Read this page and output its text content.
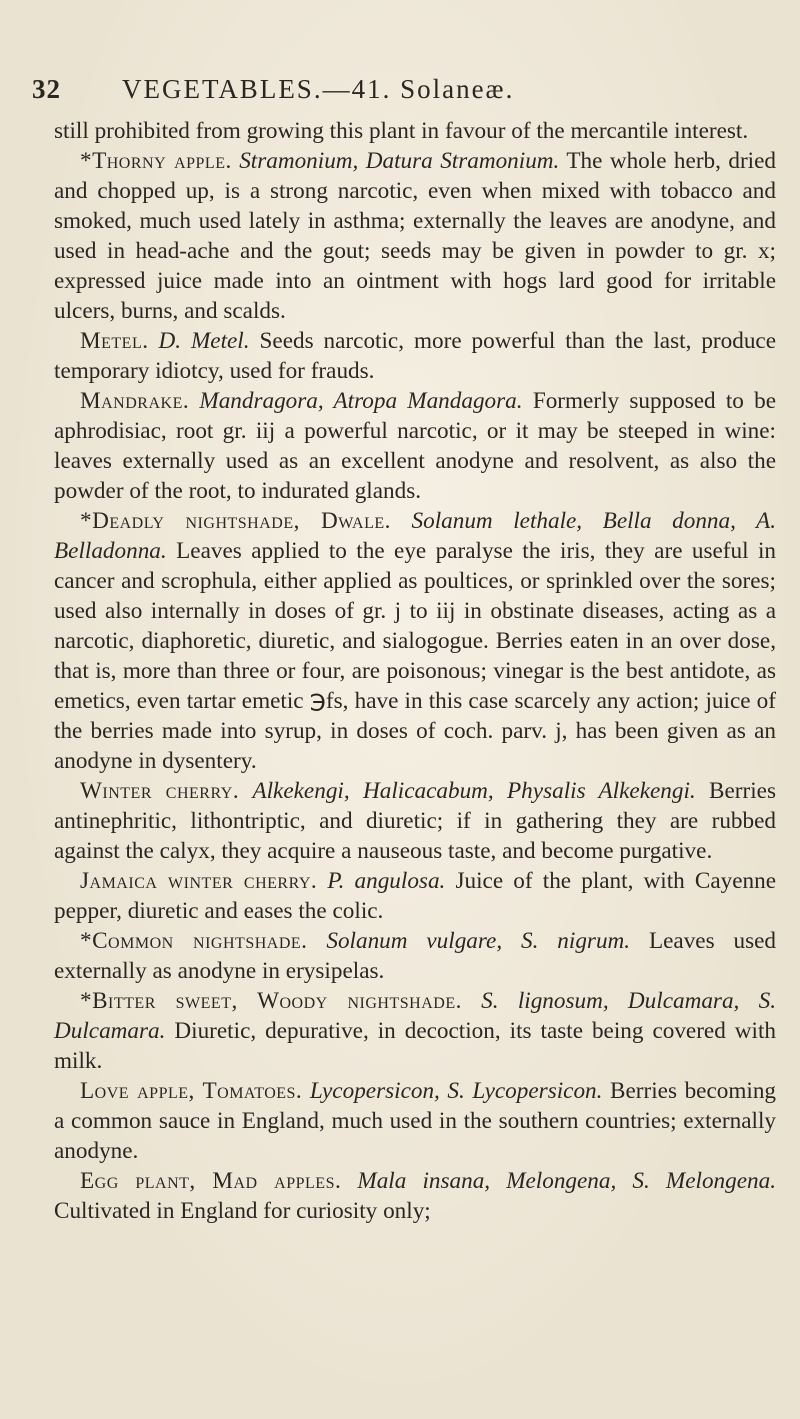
32 VEGETABLES.—41. Solaneæ.

still prohibited from growing this plant in favour of the mercantile interest.

*Thorny apple. Stramonium, Datura Stramonium. The whole herb, dried and chopped up, is a strong narcotic, even when mixed with tobacco and smoked, much used lately in asthma; externally the leaves are anodyne, and used in head-ache and the gout; seeds may be given in powder to gr. x; expressed juice made into an ointment with hogs lard good for irritable ulcers, burns, and scalds.

Metel. D. Metel. Seeds narcotic, more powerful than the last, produce temporary idiotcy, used for frauds.

Mandrake. Mandragora, Atropa Mandagora. Formerly supposed to be aphrodisiac, root gr. iij a powerful narcotic, or it may be steeped in wine: leaves externally used as an excellent anodyne and resolvent, as also the powder of the root, to indurated glands.

*Deadly nightshade, Dwale. Solanum lethale, Bella donna, A. Belladonna. Leaves applied to the eye paralyse the iris, they are useful in cancer and scrophula, either applied as poultices, or sprinkled over the sores; used also internally in doses of gr. j to iij in obstinate diseases, acting as a narcotic, diaphoretic, diuretic, and sialogogue. Berries eaten in an over dose, that is, more than three or four, are poisonous; vinegar is the best antidote, as emetics, even tartar emetic ℈fs, have in this case scarcely any action; juice of the berries made into syrup, in doses of coch. parv. j, has been given as an anodyne in dysentery.

Winter cherry. Alkekengi, Halicacabum, Physalis Alkekengi. Berries antinephritic, lithontriptic, and diuretic; if in gathering they are rubbed against the calyx, they acquire a nauseous taste, and become purgative.

Jamaica winter cherry. P. angulosa. Juice of the plant, with Cayenne pepper, diuretic and eases the colic.

*Common nightshade. Solanum vulgare, S. nigrum. Leaves used externally as anodyne in erysipelas.

*Bitter sweet, Woody nightshade. S. lignosum, Dulcamara, S. Dulcamara. Diuretic, depurative, in decoction, its taste being covered with milk.

Love apple, Tomatoes. Lycopersicon, S. Lycopersicon. Berries becoming a common sauce in England, much used in the southern countries; externally anodyne.

Egg plant, Mad apples. Mala insana, Melongena, S. Melongena. Cultivated in England for curiosity only;
